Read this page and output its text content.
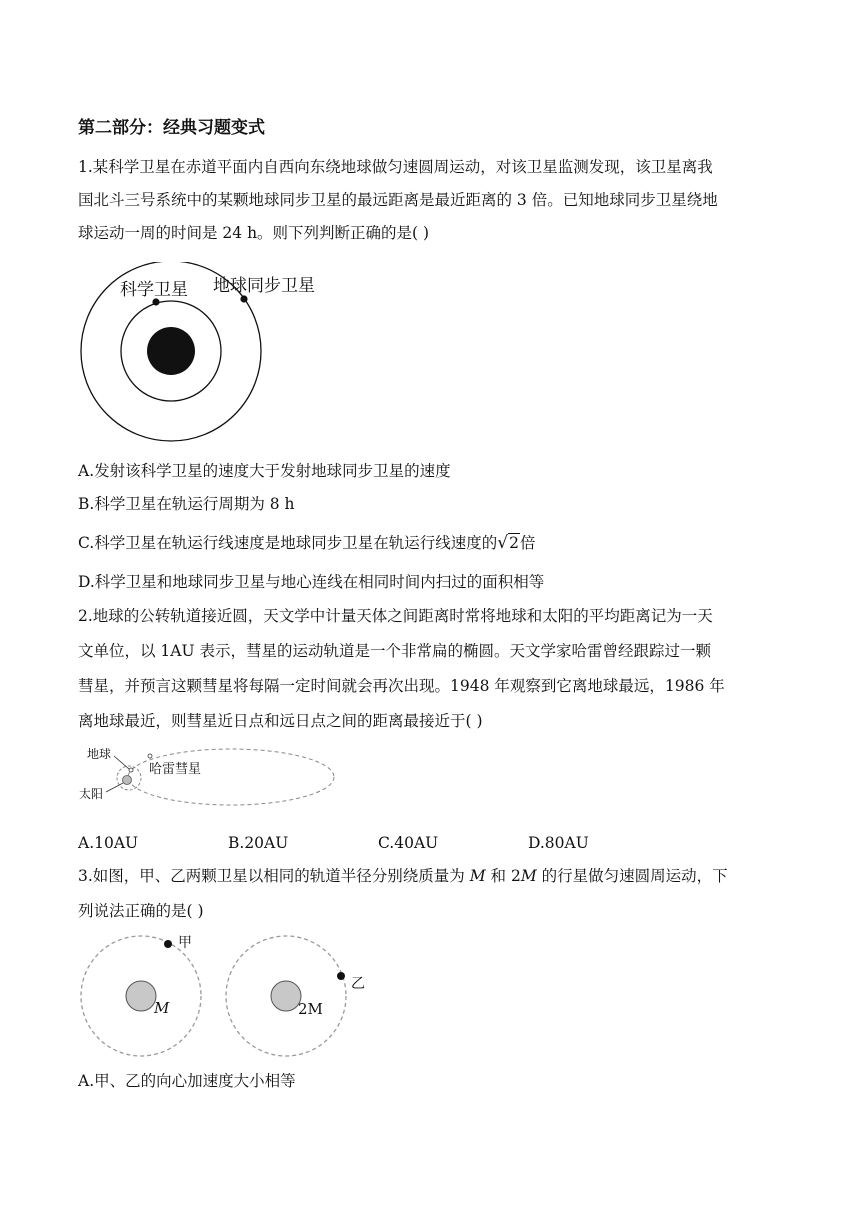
第二部分：经典习题变式
1.某科学卫星在赤道平面内自西向东绕地球做匀速圆周运动，对该卫星监测发现，该卫星离我
国北斗三号系统中的某颗地球同步卫星的最远距离是最近距离的 3 倍。已知地球同步卫星绕地
球运动一周的时间是 24 h。则下列判断正确的是( )
科学卫星 地球同步卫星
A.发射该科学卫星的速度大于发射地球同步卫星的速度
B.科学卫星在轨运行周期为 8 h
C.科学卫星在轨运行线速度是地球同步卫星在轨运行线速度的√2倍
D.科学卫星和地球同步卫星与地心连线在相同时间内扫过的面积相等
2.地球的公转轨道接近圆，天文学中计量天体之间距离时常将地球和太阳的平均距离记为一天
文单位，以 1AU 表示，彗星的运动轨道是一个非常扁的椭圆。天文学家哈雷曾经跟踪过一颗
彗星，并预言这颗彗星将每隔一定时间就会再次出现。1948 年观察到它离地球最远，1986 年
离地球最近，则彗星近日点和远日点之间的距离最接近于( )
地球
哈雷彗星
太阳
A.10AU	B.20AU	C.40AU	D.80AU
3.如图，甲、乙两颗卫星以相同的轨道半径分别绕质量为 M 和 2M 的行星做匀速圆周运动，下
列说法正确的是( )
甲
M
乙
2M
A.甲、乙的向心加速度大小相等
